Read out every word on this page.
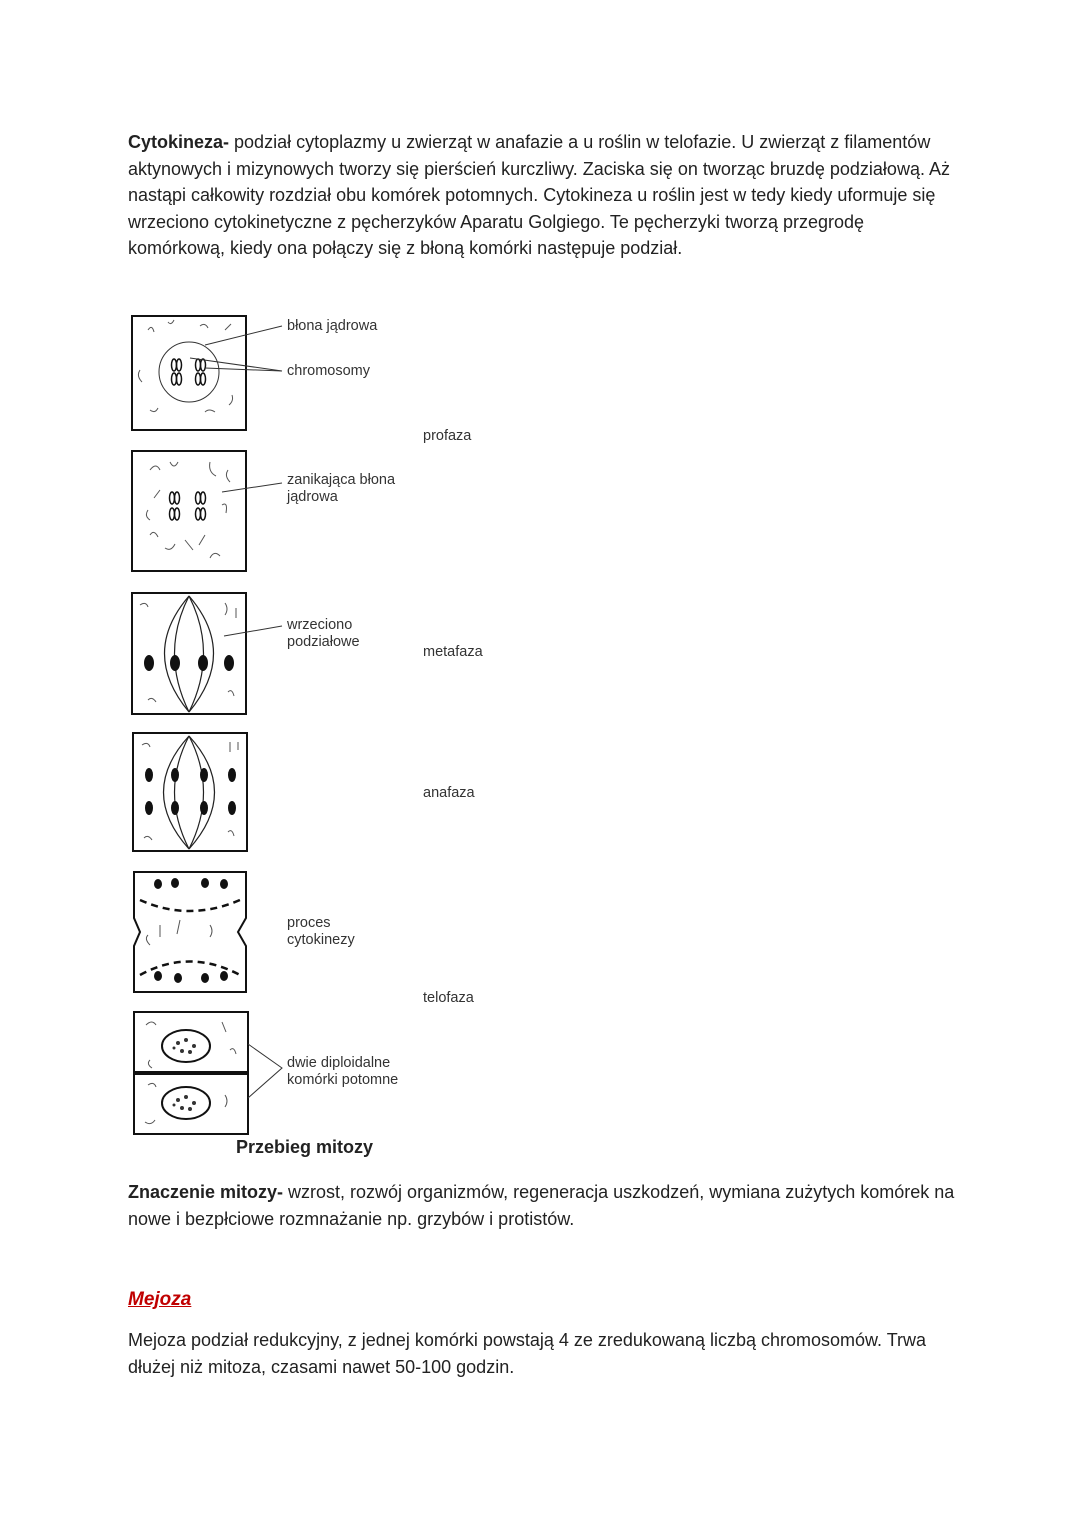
Cytokineza- podział cytoplazmy u zwierząt w anafazie a u roślin w telofazie. U zwierząt z filamentów aktynowych i mizynowych tworzy się pierścień kurczliwy. Zaciska się on tworząc bruzdę podziałową. Aż nastąpi całkowity rozdział obu komórek potomnych. Cytokineza u roślin jest w tedy kiedy uformuje się wrzeciono cytokinetyczne z pęcherzyków Aparatu Golgiego. Te pęcherzyki tworzą przegrodę komórkową, kiedy ona połączy się z błoną komórki następuje podział.

błona jądrowa
chromosomy
zanikająca błona
jądrowa
wrzeciono
podziałowe
proces
cytokinezy
dwie diploidalne
komórki potomne
profaza
metafaza
anafaza
telofaza
Przebieg mitozy

Znaczenie mitozy- wzrost, rozwój organizmów, regeneracja uszkodzeń, wymiana zużytych komórek na nowe i bezpłciowe rozmnażanie np. grzybów i protistów.

Mejoza

Mejoza podział redukcyjny, z jednej komórki powstają 4 ze zredukowaną liczbą chromosomów. Trwa dłużej niż mitoza, czasami nawet 50-100 godzin.
